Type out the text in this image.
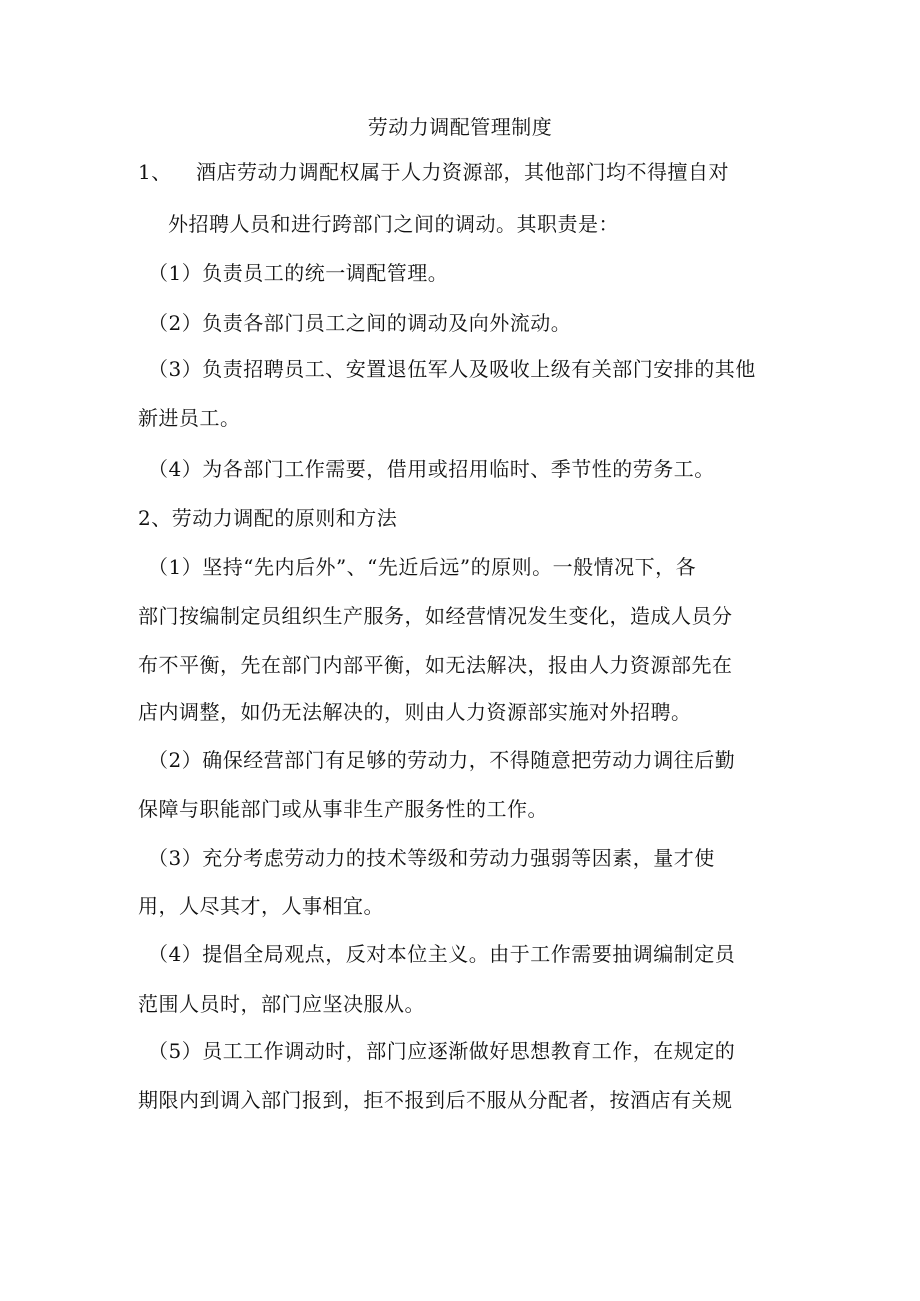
劳动力调配管理制度
1、 酒店劳动力调配权属于人力资源部，其他部门均不得擅自对
外招聘人员和进行跨部门之间的调动。其职责是：
（1）负责员工的统一调配管理。
（2）负责各部门员工之间的调动及向外流动。
（3）负责招聘员工、安置退伍军人及吸收上级有关部门安排的其他
新进员工。
（4）为各部门工作需要，借用或招用临时、季节性的劳务工。
2、劳动力调配的原则和方法
（1）坚持“先内后外”、“先近后远”的原则。一般情况下，各
部门按编制定员组织生产服务，如经营情况发生变化，造成人员分
布不平衡，先在部门内部平衡，如无法解决，报由人力资源部先在
店内调整，如仍无法解决的，则由人力资源部实施对外招聘。
（2）确保经营部门有足够的劳动力，不得随意把劳动力调往后勤
保障与职能部门或从事非生产服务性的工作。
（3）充分考虑劳动力的技术等级和劳动力强弱等因素，量才使
用，人尽其才，人事相宜。
（4）提倡全局观点，反对本位主义。由于工作需要抽调编制定员
范围人员时，部门应坚决服从。
（5）员工工作调动时，部门应逐渐做好思想教育工作，在规定的
期限内到调入部门报到，拒不报到后不服从分配者，按酒店有关规
